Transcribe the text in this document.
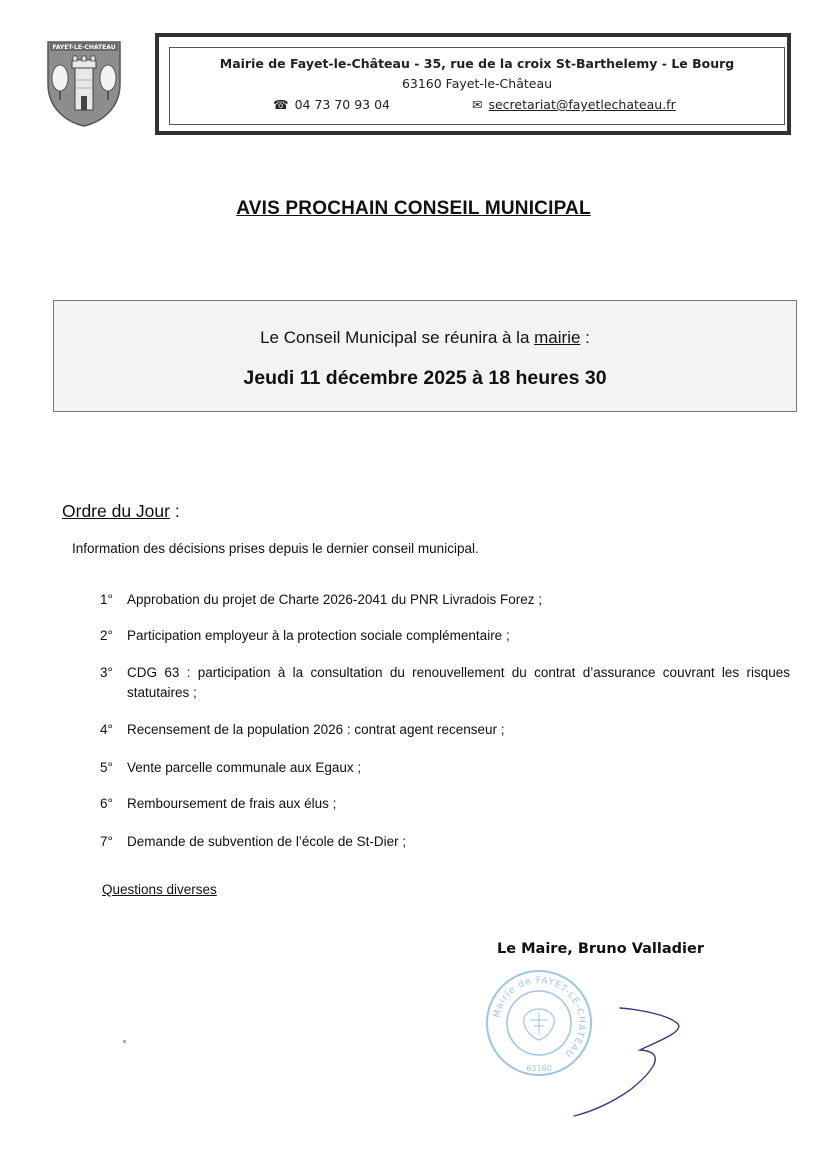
FAYET-LE-CHATEAU
Mairie de Fayet-le-Château - 35, rue de la croix St-Barthelemy - Le Bourg
63160 Fayet-le-Château
☎ 04 73 70 93 04	✉ secretariat@fayetlechateau.fr
AVIS PROCHAIN CONSEIL MUNICIPAL
Le Conseil Municipal se réunira à la mairie :
Jeudi 11 décembre 2025 à 18 heures 30
Ordre du Jour :
Information des décisions prises depuis le dernier conseil municipal.
1°	Approbation du projet de Charte 2026-2041 du PNR Livradois Forez ;
2°	Participation employeur à la protection sociale complémentaire ;
3°	CDG 63 : participation à la consultation du renouvellement du contrat d’assurance couvrant les risques statutaires ;
4°	Recensement de la population 2026 : contrat agent recenseur ;
5°	Vente parcelle communale aux Egaux ;
6°	Remboursement de frais aux élus ;
7°	Demande de subvention de l’école de St-Dier ;
Questions diverses
Le Maire, Bruno Valladier
Mairie de FAYET-LE-CHATEAU
63160
